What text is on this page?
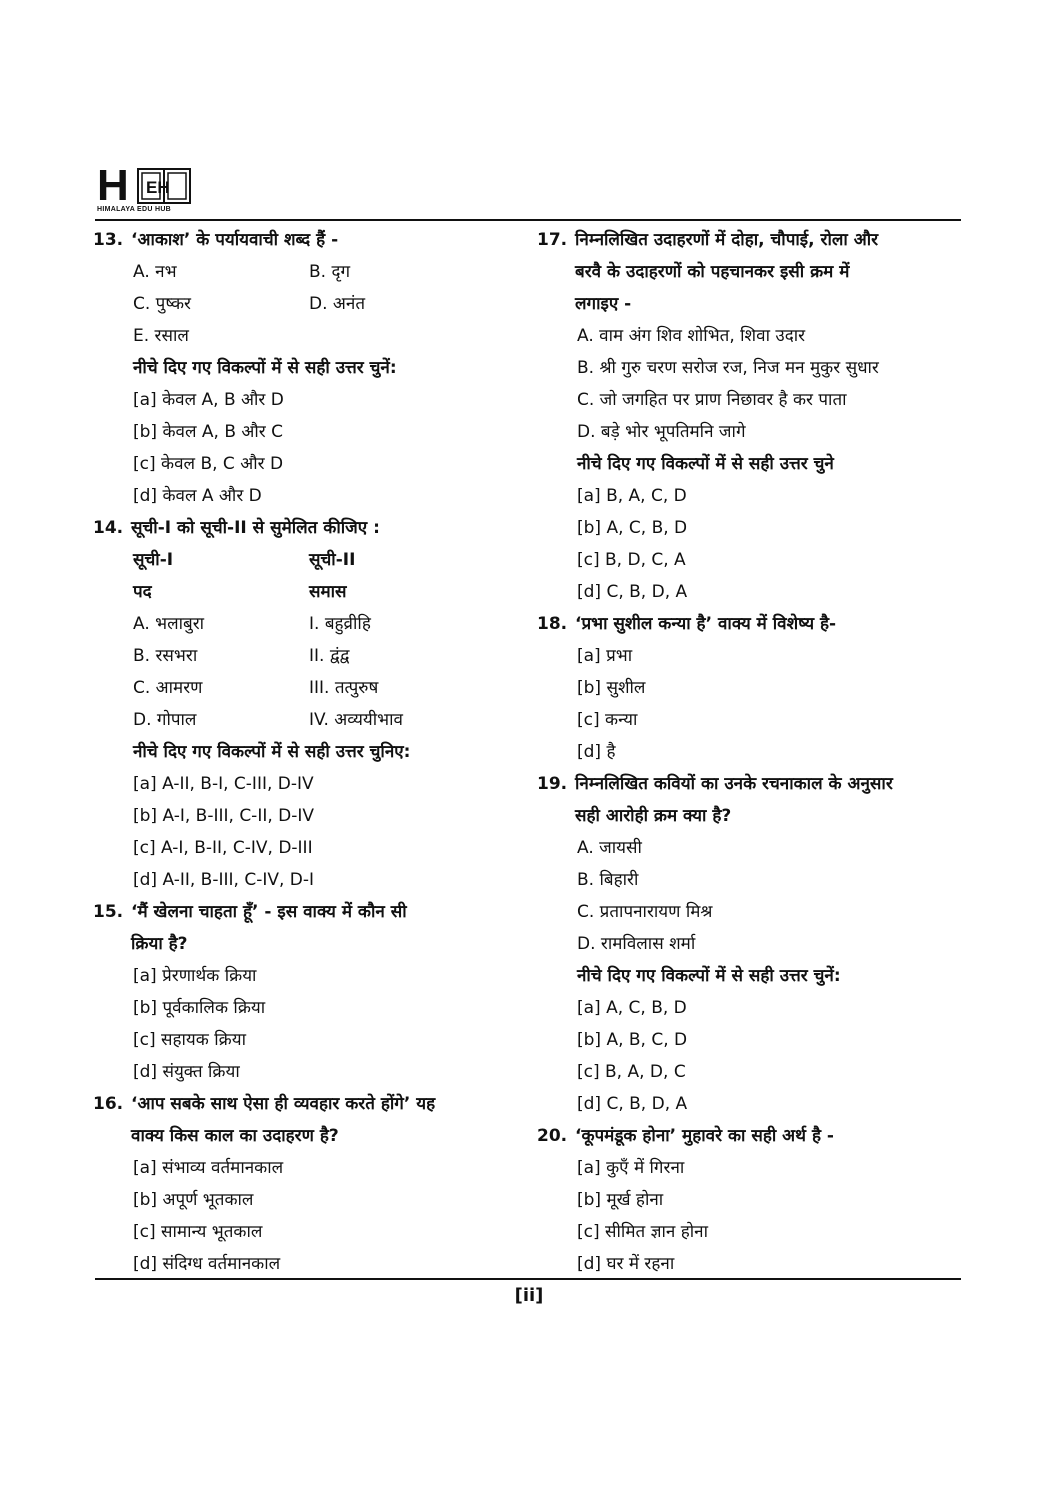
H EH
HIMALAYA EDU HUB
13. ‘आकाश’ के पर्यायवाची शब्द हैं -
A. नभ	B. दृग
C. पुष्कर	D. अनंत
E. रसाल
नीचे दिए गए विकल्पों में से सही उत्तर चुनें:
[a] केवल A, B और D
[b] केवल A, B और C
[c] केवल B, C और D
[d] केवल A और D
14. सूची-I को सूची-II से सुमेलित कीजिए :
सूची-I	सूची-II
पद	समास
A. भलाबुरा	I. बहुव्रीहि
B. रसभरा	II. द्वंद्व
C. आमरण	III. तत्पुरुष
D. गोपाल	IV. अव्ययीभाव
नीचे दिए गए विकल्पों में से सही उत्तर चुनिए:
[a] A-II, B-I, C-III, D-IV
[b] A-I, B-III, C-II, D-IV
[c] A-I, B-II, C-IV, D-III
[d] A-II, B-III, C-IV, D-I
15. ‘मैं खेलना चाहता हूँ’ - इस वाक्य में कौन सी
क्रिया है?
[a] प्रेरणार्थक क्रिया
[b] पूर्वकालिक क्रिया
[c] सहायक क्रिया
[d] संयुक्त क्रिया
16. ‘आप सबके साथ ऐसा ही व्यवहार करते होंगे’ यह
वाक्य किस काल का उदाहरण है?
[a] संभाव्य वर्तमानकाल
[b] अपूर्ण भूतकाल
[c] सामान्य भूतकाल
[d] संदिग्ध वर्तमानकाल
17. निम्नलिखित उदाहरणों में दोहा, चौपाई, रोला और
बरवै के उदाहरणों को पहचानकर इसी क्रम में
लगाइए -
A. वाम अंग शिव शोभित, शिवा उदार
B. श्री गुरु चरण सरोज रज, निज मन मुकुर सुधार
C. जो जगहित पर प्राण निछावर है कर पाता
D. बड़े भोर भूपतिमनि जागे
नीचे दिए गए विकल्पों में से सही उत्तर चुने
[a] B, A, C, D
[b] A, C, B, D
[c] B, D, C, A
[d] C, B, D, A
18. ‘प्रभा सुशील कन्या है’ वाक्य में विशेष्य है-
[a] प्रभा
[b] सुशील
[c] कन्या
[d] है
19. निम्नलिखित कवियों का उनके रचनाकाल के अनुसार
सही आरोही क्रम क्या है?
A. जायसी
B. बिहारी
C. प्रतापनारायण मिश्र
D. रामविलास शर्मा
नीचे दिए गए विकल्पों में से सही उत्तर चुनें:
[a] A, C, B, D
[b] A, B, C, D
[c] B, A, D, C
[d] C, B, D, A
20. ‘कूपमंडूक होना’ मुहावरे का सही अर्थ है -
[a] कुएँ में गिरना
[b] मूर्ख होना
[c] सीमित ज्ञान होना
[d] घर में रहना
[ii]
